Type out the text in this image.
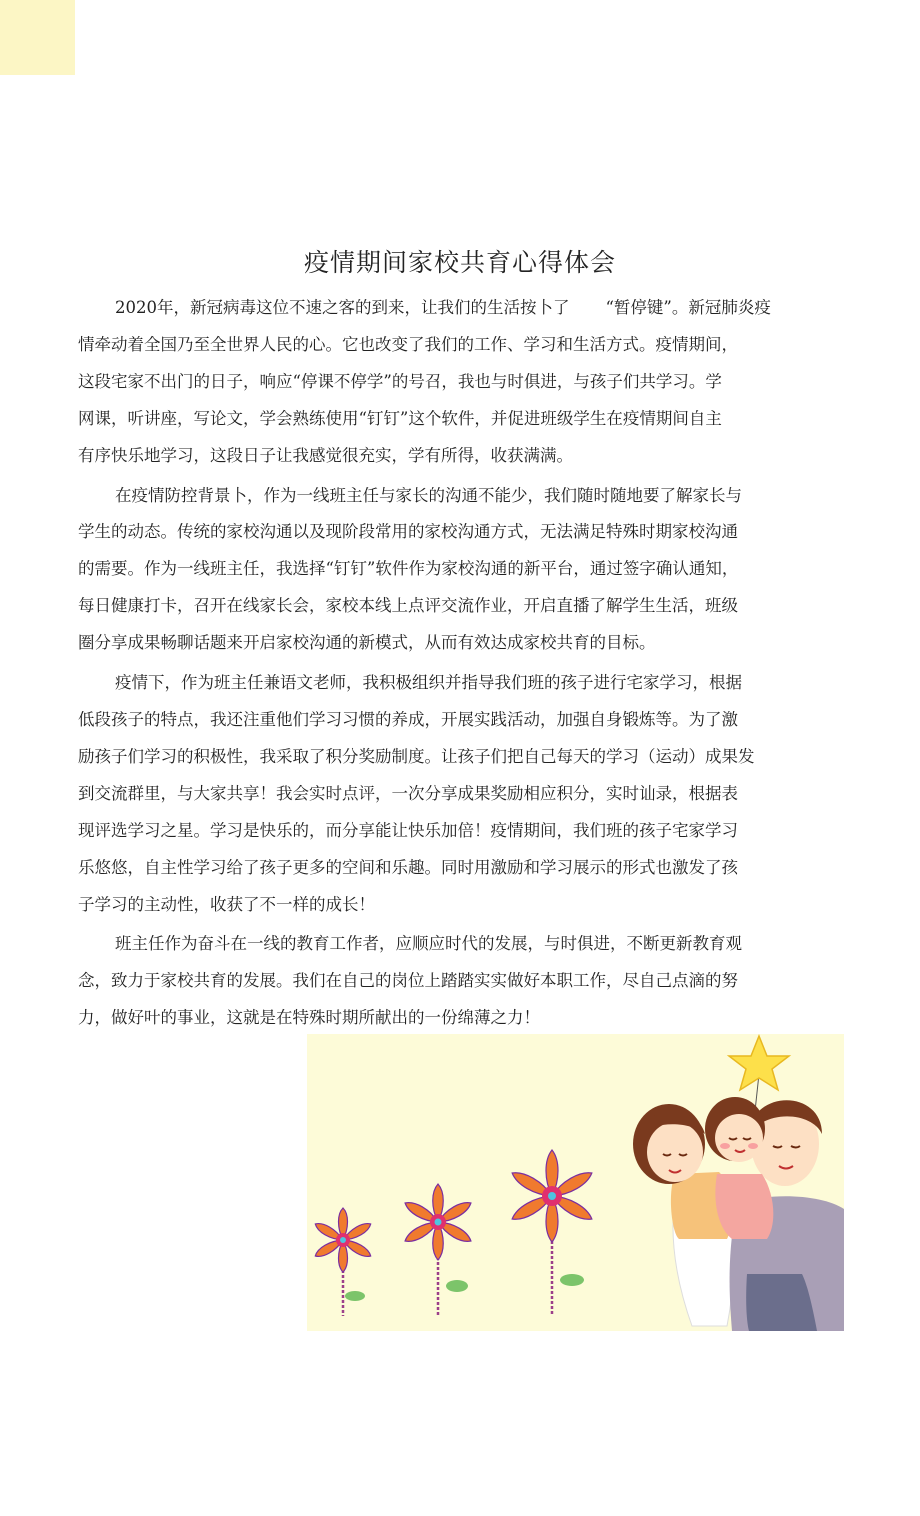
疫情期间家校共育心得体会

2020年，新冠病毒这位不速之客的到来，让我们的生活按卜了 “暂停键”。新冠肺炎疫
情牵动着全国乃至全世界人民的心。它也改变了我们的工作、学习和生活方式。疫情期间，
这段宅家不出门的日子，响应“停课不停学”的号召，我也与时俱进，与孩子们共学习。学
网课，听讲座，写论文，学会熟练使用“钉钉”这个软件，并促进班级学生在疫情期间自主
有序快乐地学习，这段日子让我感觉很充实，学有所得，收获满满。

在疫情防控背景卜，作为一线班主任与家长的沟通不能少，我们随时随地要了解家长与
学生的动态。传统的家校沟通以及现阶段常用的家校沟通方式，无法满足特殊时期家校沟通
的需要。作为一线班主任，我选择“钉钉”软件作为家校沟通的新平台，通过签字确认通知，
每日健康打卡，召开在线家长会，家校本线上点评交流作业，开启直播了解学生生活，班级
圈分享成果畅聊话题来开启家校沟通的新模式，从而有效达成家校共育的目标。

疫情下，作为班主任兼语文老师，我积极组织并指导我们班的孩子进行宅家学习，根据
低段孩子的特点，我还注重他们学习习惯的养成，开展实践活动，加强自身锻炼等。为了激
励孩子们学习的积极性，我采取了积分奖励制度。让孩子们把自己每天的学习（运动）成果发
到交流群里，与大家共享！我会实时点评，一次分享成果奖励相应积分，实时讪录，根据表
现评选学习之星。学习是快乐的，而分享能让快乐加倍！疫情期间，我们班的孩子宅家学习
乐悠悠，自主性学习给了孩子更多的空间和乐趣。同时用激励和学习展示的形式也激发了孩
子学习的主动性，收获了不一样的成长！

班主任作为奋斗在一线的教育工作者，应顺应时代的发展，与时俱进，不断更新教育观
念，致力于家校共育的发展。我们在自己的岗位上踏踏实实做好本职工作，尽自己点滴的努
力，做好叶的事业，这就是在特殊时期所献出的一份绵薄之力！
